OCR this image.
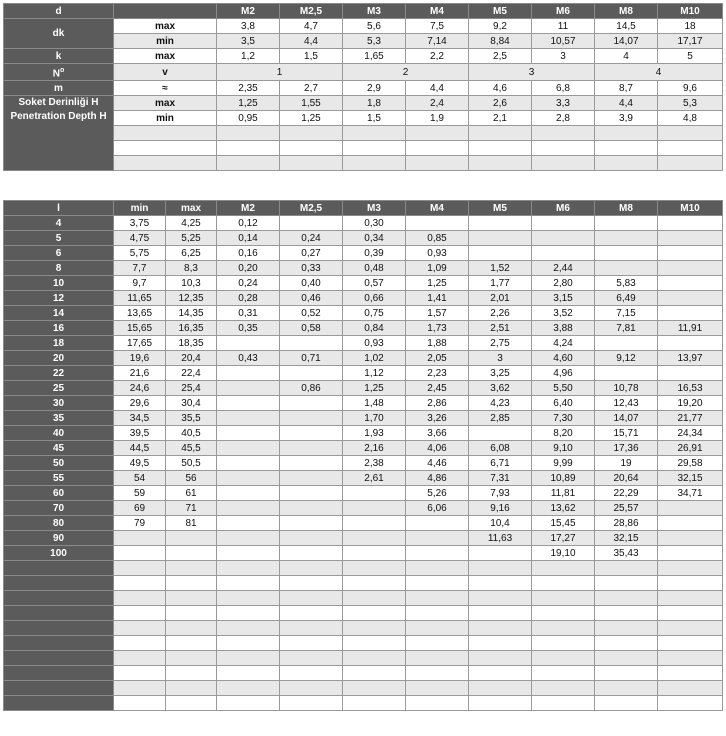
d		M2	M2,5	M3	M4	M5	M6	M8	M10
dk	max	3,8	4,7	5,6	7,5	9,2	11	14,5	18
	min	3,5	4,4	5,3	7,14	8,84	10,57	14,07	17,17
k	max	1,2	1,5	1,65	2,2	2,5	3	4	5
$N^o$	v	1		2		3		4	
m	≈	2,35	2,7	2,9	4,4	4,6	6,8	8,7	9,6

Soket Derinliği H
Penetration Depth H	max	1,25	1,55	1,8	2,4	2,6	3,3	4,4	5,3
	min	0,95	1,25	1,5	1,9	2,1	2,8	3,9	4,8

l	min	max	M2	M2,5	M3	M4	M5	M6	M8	M10
4	3,75	4,25	0,12		0,30					
5	4,75	5,25	0,14	0,24	0,34	0,85				
6	5,75	6,25	0,16	0,27	0,39	0,93				
8	7,7	8,3	0,20	0,33	0,48	1,09	1,52	2,44		
10	9,7	10,3	0,24	0,40	0,57	1,25	1,77	2,80	5,83	
12	11,65	12,35	0,28	0,46	0,66	1,41	2,01	3,15	6,49	
14	13,65	14,35	0,31	0,52	0,75	1,57	2,26	3,52	7,15	
16	15,65	16,35	0,35	0,58	0,84	1,73	2,51	3,88	7,81	11,91
18	17,65	18,35			0,93	1,88	2,75	4,24		
20	19,6	20,4	0,43	0,71	1,02	2,05	3	4,60	9,12	13,97
22	21,6	22,4			1,12	2,23	3,25	4,96		
25	24,6	25,4		0,86	1,25	2,45	3,62	5,50	10,78	16,53
30	29,6	30,4			1,48	2,86	4,23	6,40	12,43	19,20
35	34,5	35,5			1,70	3,26	2,85	7,30	14,07	21,77
40	39,5	40,5			1,93	3,66		8,20	15,71	24,34
45	44,5	45,5			2,16	4,06	6,08	9,10	17,36	26,91
50	49,5	50,5			2,38	4,46	6,71	9,99	19	29,58
55	54	56			2,61	4,86	7,31	10,89	20,64	32,15
60	59	61				5,26	7,93	11,81	22,29	34,71
70	69	71				6,06	9,16	13,62	25,57	
80	79	81					10,4	15,45	28,86	
90							11,63	17,27	32,15	
100								19,10	35,43	
